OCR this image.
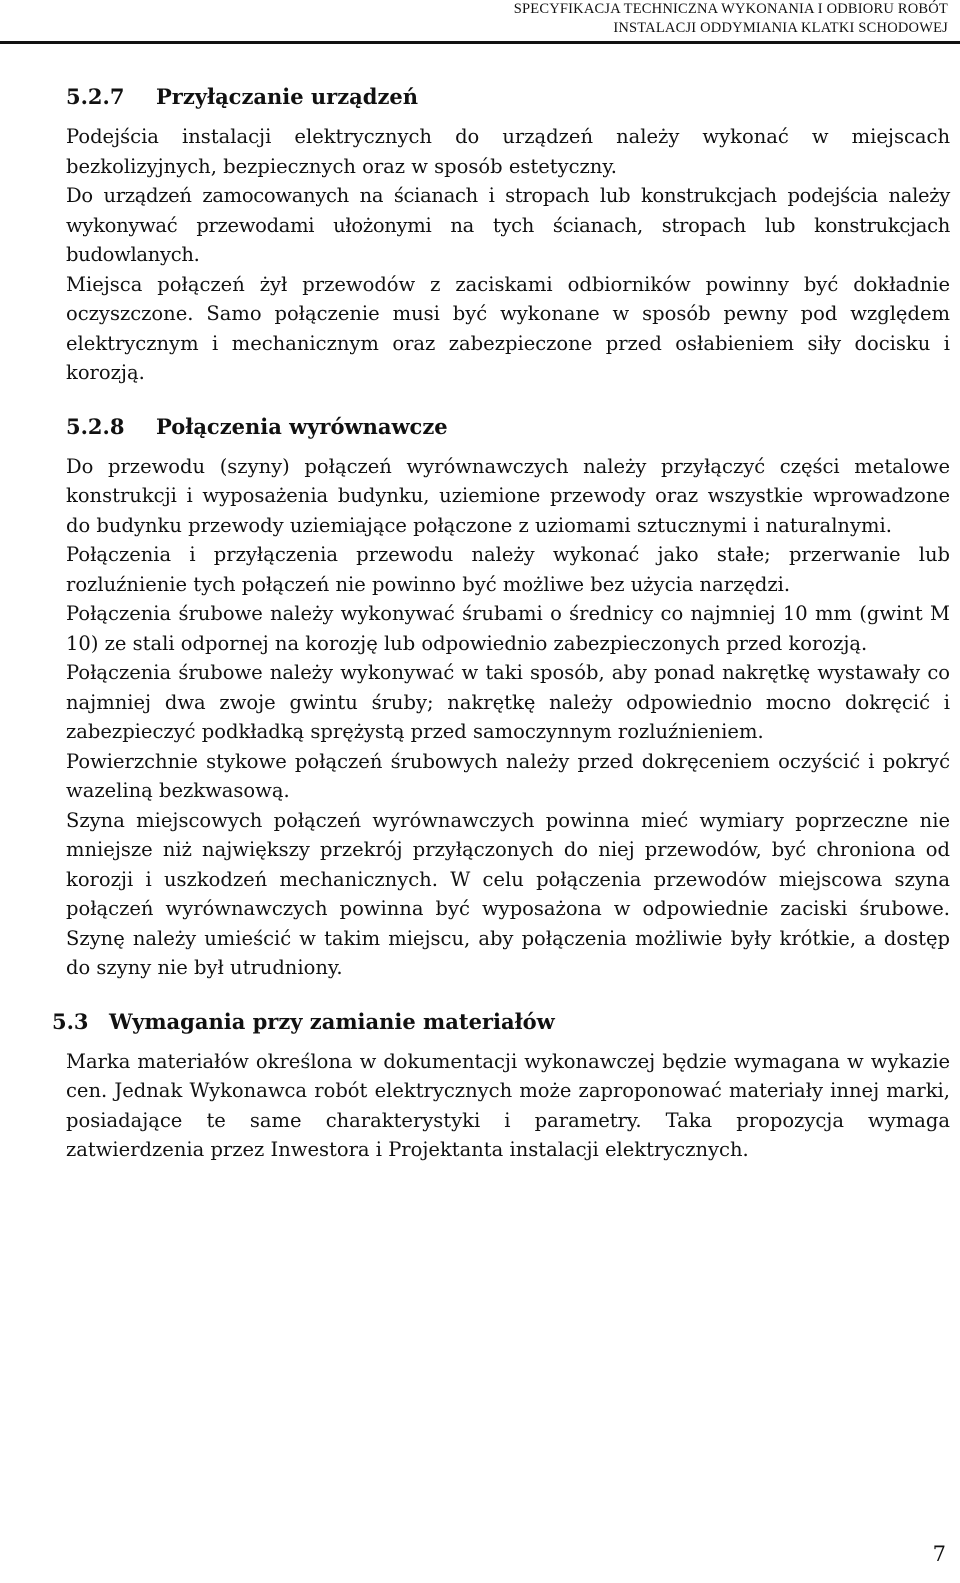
SPECYFIKACJA TECHNICZNA WYKONANIA I ODBIORU ROBÓT
INSTALACJI ODDYMIANIA KLATKI SCHODOWEJ
5.2.7	Przyłączanie urządzeń

Podejścia instalacji elektrycznych do urządzeń należy wykonać w miejscach bezkolizyjnych, bezpiecznych oraz w sposób estetyczny.

Do urządzeń zamocowanych na ścianach i stropach lub konstrukcjach podejścia należy wykonywać przewodami ułożonymi na tych ścianach, stropach lub konstrukcjach budowlanych.

Miejsca połączeń żył przewodów z zaciskami odbiorników powinny być dokładnie oczyszczone. Samo połączenie musi być wykonane w sposób pewny pod względem elektrycznym i mechanicznym oraz zabezpieczone przed osłabieniem siły docisku i korozją.

5.2.8	Połączenia wyrównawcze

Do przewodu (szyny) połączeń wyrównawczych należy przyłączyć części metalowe konstrukcji i wyposażenia budynku, uziemione przewody oraz wszystkie wprowadzone do budynku przewody uziemiające połączone z uziomami sztucznymi i naturalnymi.

Połączenia i przyłączenia przewodu należy wykonać jako stałe; przerwanie lub rozluźnienie tych połączeń nie powinno być możliwe bez użycia narzędzi.

Połączenia śrubowe należy wykonywać śrubami o średnicy co najmniej 10 mm (gwint M 10) ze stali odpornej na korozję lub odpowiednio zabezpieczonych przed korozją.

Połączenia śrubowe należy wykonywać w taki sposób, aby ponad nakrętkę wystawały co najmniej dwa zwoje gwintu śruby; nakrętkę należy odpowiednio mocno dokręcić i zabezpieczyć podkładką sprężystą przed samoczynnym rozluźnieniem.

Powierzchnie stykowe połączeń śrubowych należy przed dokręceniem oczyścić i pokryć wazeliną bezkwasową.

Szyna miejscowych połączeń wyrównawczych powinna mieć wymiary poprzeczne nie mniejsze niż największy przekrój przyłączonych do niej przewodów, być chroniona od korozji i uszkodzeń mechanicznych. W celu połączenia przewodów miejscowa szyna połączeń wyrównawczych powinna być wyposażona w odpowiednie zaciski śrubowe. Szynę należy umieścić w takim miejscu, aby połączenia możliwie były krótkie, a dostęp do szyny nie był utrudniony.

5.3 Wymagania przy zamianie materiałów

Marka materiałów określona w dokumentacji wykonawczej będzie wymagana w wykazie cen. Jednak Wykonawca robót elektrycznych może zaproponować materiały innej marki, posiadające te same charakterystyki i parametry. Taka propozycja wymaga zatwierdzenia przez Inwestora i Projektanta instalacji elektrycznych.

7
